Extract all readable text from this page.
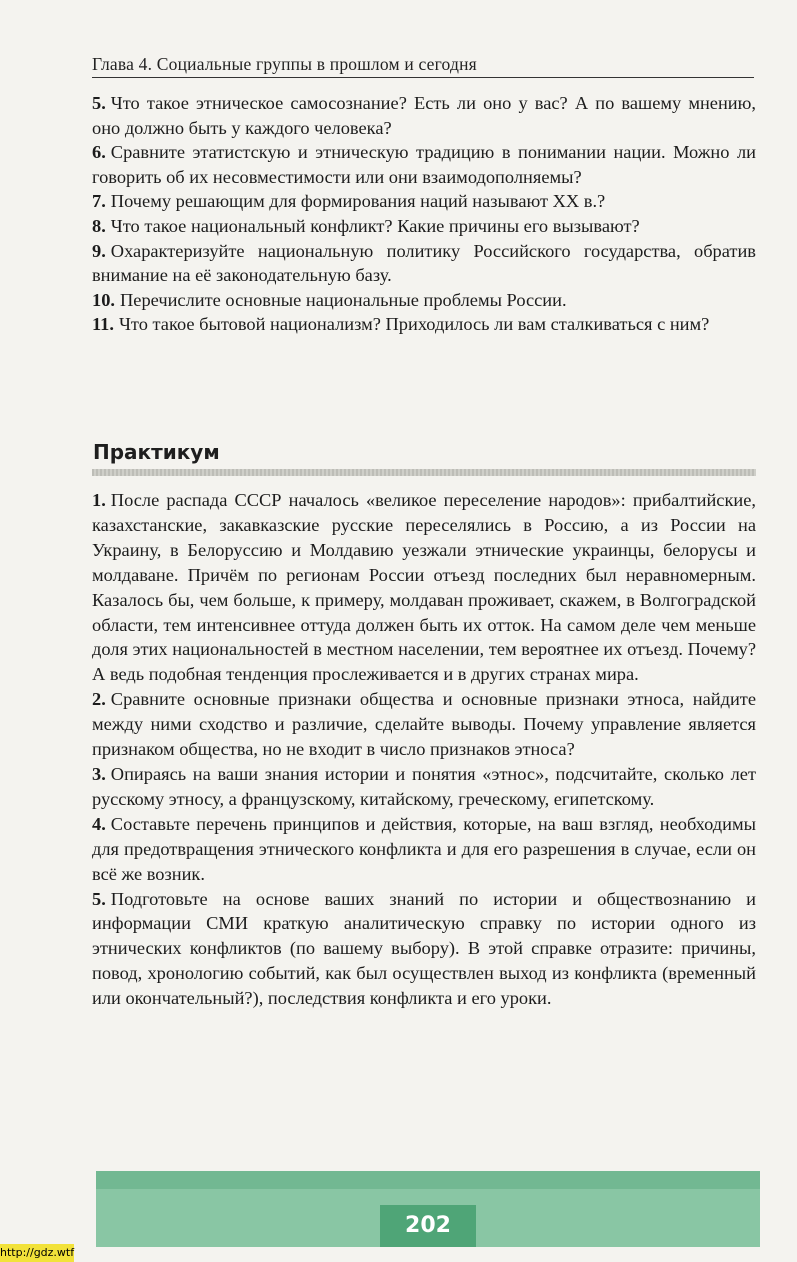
Глава 4. Социальные группы в прошлом и сегодня

5. Что такое этническое самосознание? Есть ли оно у вас? А по вашему мнению, оно должно быть у каждого человека?

6. Сравните этатистскую и этническую традицию в понимании нации. Можно ли говорить об их несовместимости или они взаимодополняемы?

7. Почему решающим для формирования наций называют XX в.?

8. Что такое национальный конфликт? Какие причины его вызывают?

9. Охарактеризуйте национальную политику Российского государства, обратив внимание на её законодательную базу.

10. Перечислите основные национальные проблемы России.

11. Что такое бытовой национализм? Приходилось ли вам сталкиваться с ним?

Практикум

1. После распада СССР началось «великое переселение народов»: прибалтийские, казахстанские, закавказские русские переселялись в Россию, а из России на Украину, в Белоруссию и Молдавию уезжали этнические украинцы, белорусы и молдаване. Причём по регионам России отъезд последних был неравномерным. Казалось бы, чем больше, к примеру, молдаван проживает, скажем, в Волгоградской области, тем интенсивнее оттуда должен быть их отток. На самом деле чем меньше доля этих национальностей в местном населении, тем вероятнее их отъезд. Почему? А ведь подобная тенденция прослеживается и в других странах мира.

2. Сравните основные признаки общества и основные признаки этноса, найдите между ними сходство и различие, сделайте выводы. Почему управление является признаком общества, но не входит в число признаков этноса?

3. Опираясь на ваши знания истории и понятия «этнос», подсчитайте, сколько лет русскому этносу, а французскому, китайскому, греческому, египетскому.

4. Составьте перечень принципов и действия, которые, на ваш взгляд, необходимы для предотвращения этнического конфликта и для его разрешения в случае, если он всё же возник.

5. Подготовьте на основе ваших знаний по истории и обществознанию и информации СМИ краткую аналитическую справку по истории одного из этнических конфликтов (по вашему выбору). В этой справке отразите: причины, повод, хронологию событий, как был осуществлен выход из конфликта (временный или окончательный?), последствия конфликта и его уроки.

202
http://gdz.wtf
